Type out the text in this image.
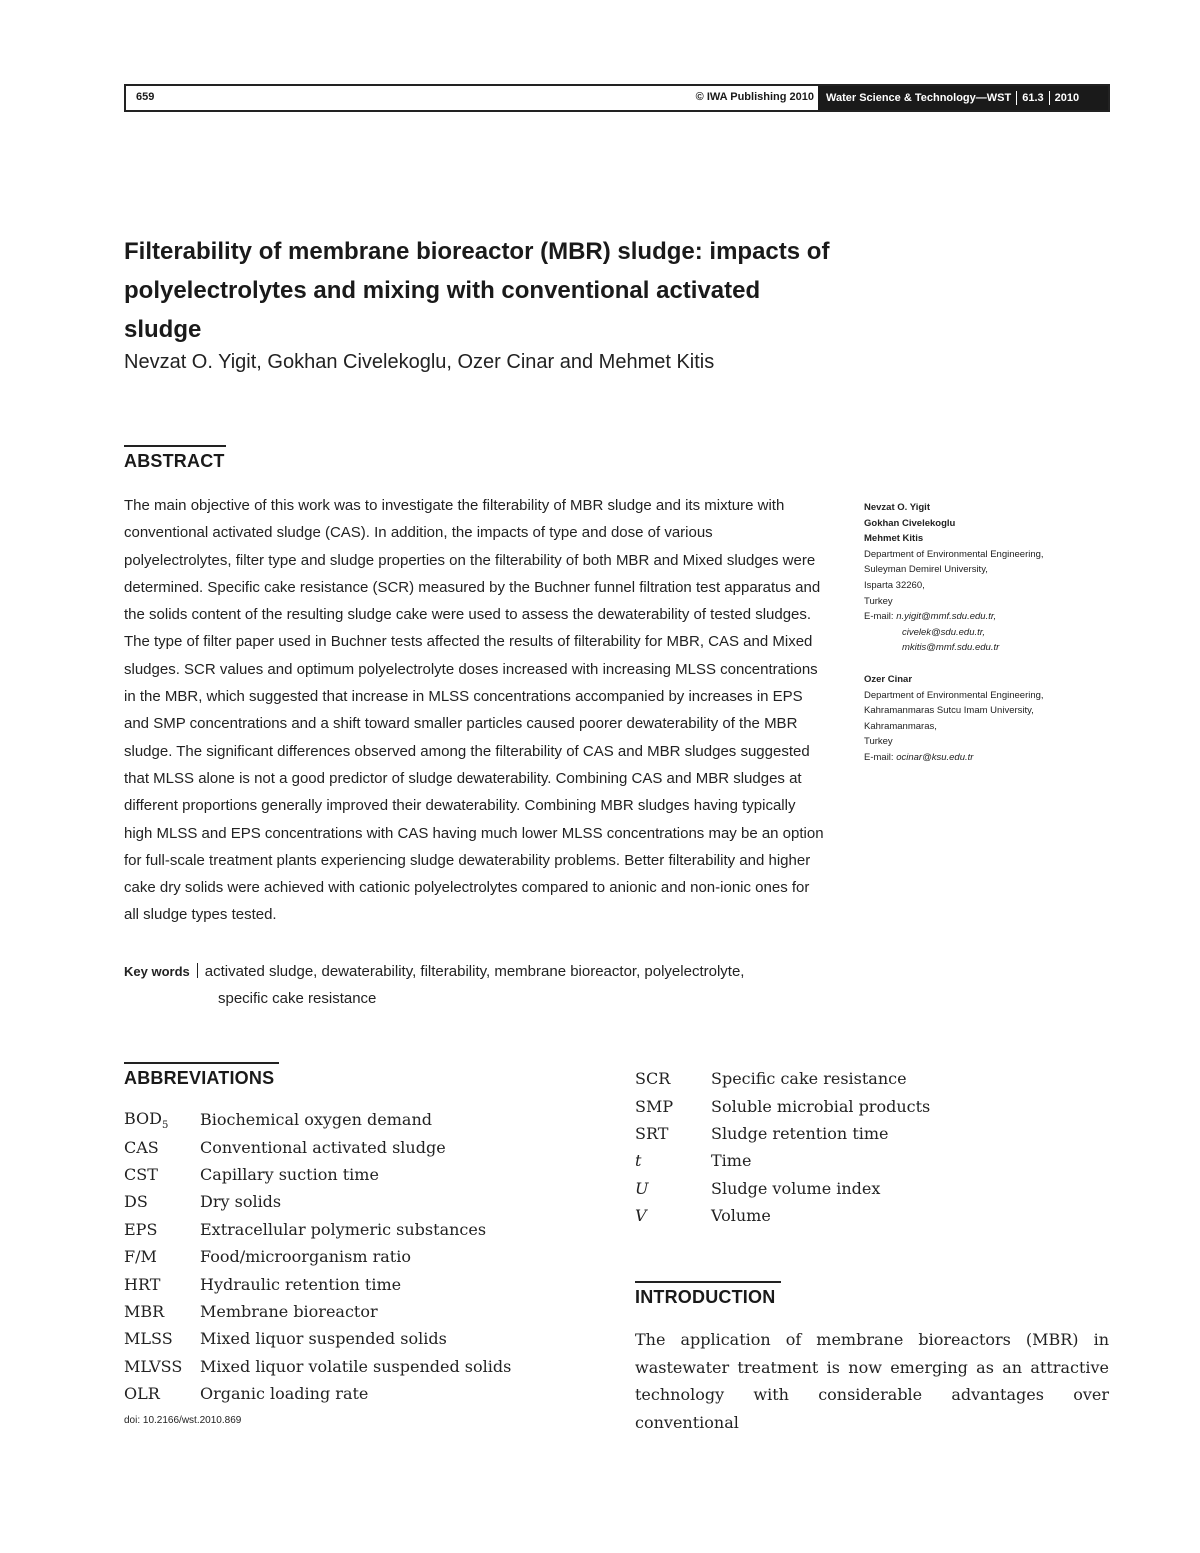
659	© IWA Publishing 2010 Water Science & Technology—WST 61.3 2010
Filterability of membrane bioreactor (MBR) sludge: impacts of polyelectrolytes and mixing with conventional activated sludge
Nevzat O. Yigit, Gokhan Civelekoglu, Ozer Cinar and Mehmet Kitis
ABSTRACT

The main objective of this work was to investigate the filterability of MBR sludge and its mixture with conventional activated sludge (CAS). In addition, the impacts of type and dose of various polyelectrolytes, filter type and sludge properties on the filterability of both MBR and Mixed sludges were determined. Specific cake resistance (SCR) measured by the Buchner funnel filtration test apparatus and the solids content of the resulting sludge cake were used to assess the dewaterability of tested sludges. The type of filter paper used in Buchner tests affected the results of filterability for MBR, CAS and Mixed sludges. SCR values and optimum polyelectrolyte doses increased with increasing MLSS concentrations in the MBR, which suggested that increase in MLSS concentrations accompanied by increases in EPS and SMP concentrations and a shift toward smaller particles caused poorer dewaterability of the MBR sludge. The significant differences observed among the filterability of CAS and MBR sludges suggested that MLSS alone is not a good predictor of sludge dewaterability. Combining CAS and MBR sludges at different proportions generally improved their dewaterability. Combining MBR sludges having typically high MLSS and EPS concentrations with CAS having much lower MLSS concentrations may be an option for full-scale treatment plants experiencing sludge dewaterability problems. Better filterability and higher cake dry solids were achieved with cationic polyelectrolytes compared to anionic and non-ionic ones for all sludge types tested.

Key words activated sludge, dewaterability, filterability, membrane bioreactor, polyelectrolyte,
specific cake resistance
Nevzat O. Yigit
Gokhan Civelekoglu
Mehmet Kitis
Department of Environmental Engineering,
Suleyman Demirel University,
Isparta 32260,
Turkey
E-mail: n.yigit@mmf.sdu.edu.tr,
civelek@sdu.edu.tr,
mkitis@mmf.sdu.edu.tr
Ozer Cinar
Department of Environmental Engineering,
Kahramanmaras Sutcu Imam University,
Kahramanmaras,
Turkey
E-mail: ocinar@ksu.edu.tr
ABBREVIATIONS
$BOD_5$	Biochemical oxygen demand
CAS	Conventional activated sludge
CST	Capillary suction time
DS	Dry solids
EPS	Extracellular polymeric substances
F/M	Food/microorganism ratio
HRT	Hydraulic retention time
MBR	Membrane bioreactor
MLSS	Mixed liquor suspended solids
MLVSS	Mixed liquor volatile suspended solids
OLR	Organic loading rate
SCR	Specific cake resistance
SMP	Soluble microbial products
SRT	Sludge retention time
t	Time
U	Sludge volume index
V	Volume
INTRODUCTION
The application of membrane bioreactors (MBR) in
wastewater treatment is now emerging as an attractive
technology with considerable advantages over conventional
doi: 10.2166/wst.2010.869
